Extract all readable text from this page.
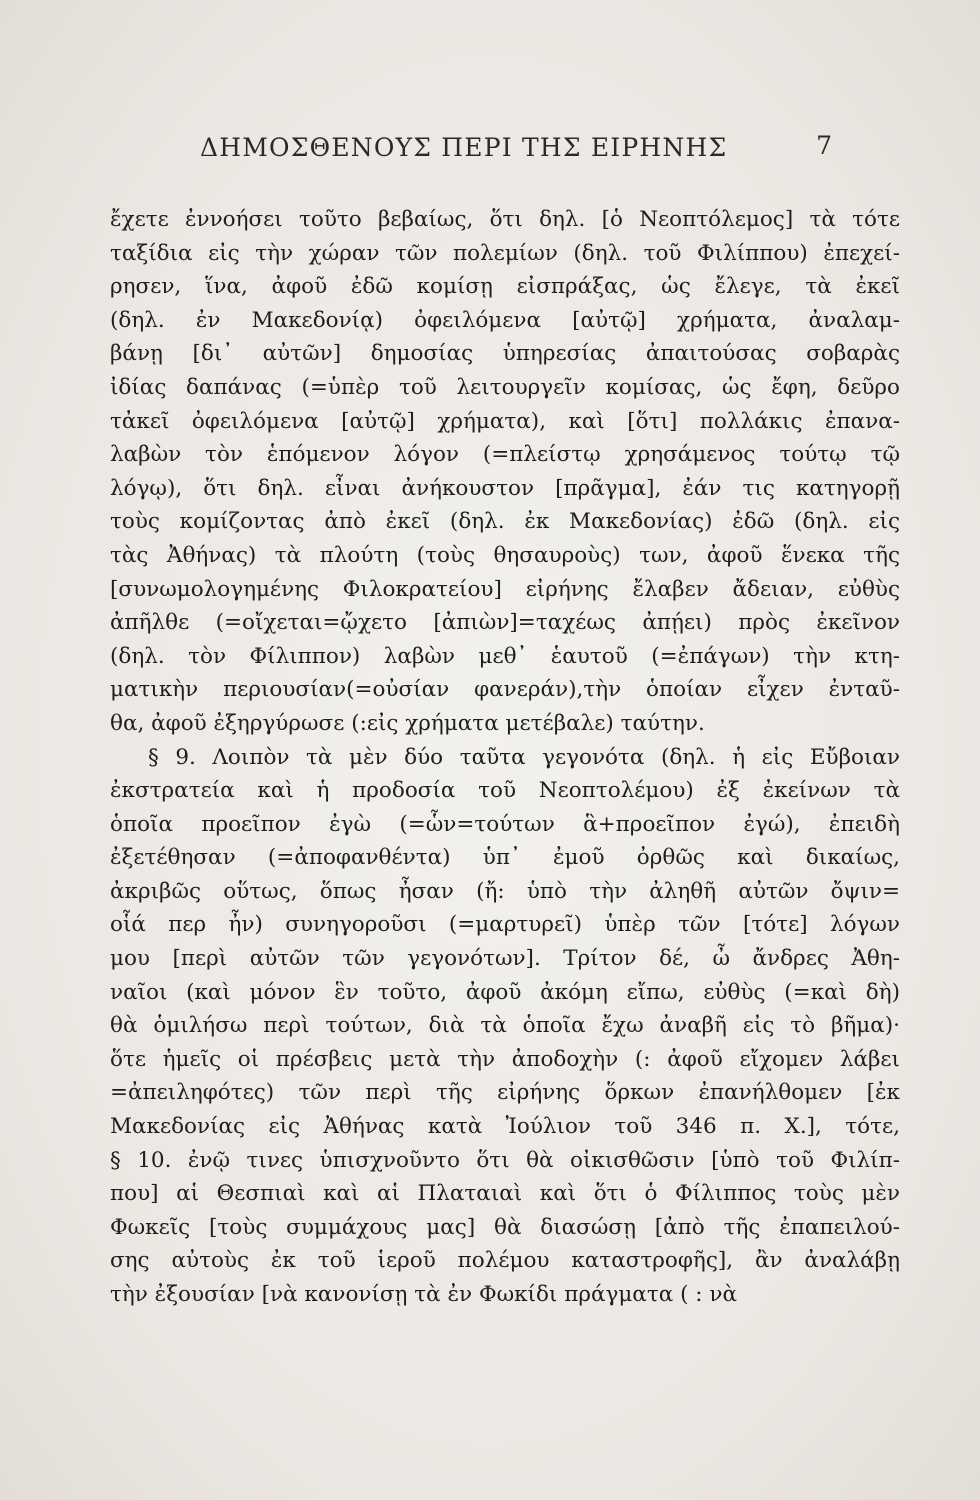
ΔΗΜΟΣΘΕΝΟΥΣ ΠΕΡΙ ΤΗΣ ΕΙΡΗΝΗΣ	7
ἔχετε ἐννοήσει τοῦτο βεβαίως, ὅτι δηλ. [ὁ Νεοπτόλεμος] τὰ τότε
ταξίδια εἰς τὴν χώραν τῶν πολεμίων (δηλ. τοῦ Φιλίππου) ἐπεχεί-
ρησεν, ἵνα, ἀφοῦ ἐδῶ κομίσῃ εἰσπράξας, ὡς ἔλεγε, τὰ ἐκεῖ
(δηλ. ἐν Μακεδονίᾳ) ὀφειλόμενα [αὐτῷ] χρήματα, ἀναλαμ-
βάνῃ [δι᾽ αὐτῶν] δημοσίας ὑπηρεσίας ἀπαιτούσας σοβαρὰς
ἰδίας δαπάνας (=ὑπὲρ τοῦ λειτουργεῖν κομίσας, ὡς ἔφη, δεῦρο
τἀκεῖ ὀφειλόμενα [αὐτῷ] χρήματα), καὶ [ὅτι] πολλάκις ἐπανα-
λαβὼν τὸν ἑπόμενον λόγον (=πλείστῳ χρησάμενος τούτῳ τῷ
λόγῳ), ὅτι δηλ. εἶναι ἀνήκουστον [πρᾶγμα], ἐάν τις κατηγορῇ
τοὺς κομίζοντας ἀπὸ ἐκεῖ (δηλ. ἐκ Μακεδονίας) ἐδῶ (δηλ. εἰς
τὰς Ἀθήνας) τὰ πλούτη (τοὺς θησαυροὺς) των, ἀφοῦ ἕνεκα τῆς
[συνωμολογημένης Φιλοκρατείου] εἰρήνης ἔλαβεν ἄδειαν, εὐθὺς
ἀπῆλθε (=οἴχεται=ᾤχετο [ἀπιὼν]=ταχέως ἀπῄει) πρὸς ἐκεῖνον
(δηλ. τὸν Φίλιππον) λαβὼν μεθ᾽ ἑαυτοῦ (=ἐπάγων) τὴν κτη-
ματικὴν περιουσίαν(=οὐσίαν φανεράν),τὴν ὁποίαν εἶχεν ἐνταῦ-
θα, ἀφοῦ ἐξηργύρωσε (:εἰς χρήματα μετέβαλε) ταύτην.
§ 9. Λοιπὸν τὰ μὲν δύο ταῦτα γεγονότα (δηλ. ἡ εἰς Εὔβοιαν
ἐκστρατεία καὶ ἡ προδοσία τοῦ Νεοπτολέμου) ἐξ ἐκείνων τὰ
ὁποῖα προεῖπον ἐγὼ (=ὧν=τούτων ἃ+προεῖπον ἐγώ), ἐπειδὴ
ἐξετέθησαν (=ἀποφανθέντα) ὑπ᾽ ἐμοῦ ὀρθῶς καὶ δικαίως,
ἀκριβῶς οὕτως, ὅπως ἦσαν (ἤ: ὑπὸ τὴν ἀληθῆ αὐτῶν ὄψιν=
οἷά περ ἦν) συνηγοροῦσι (=μαρτυρεῖ) ὑπὲρ τῶν [τότε] λόγων
μου [περὶ αὐτῶν τῶν γεγονότων]. Τρίτον δέ, ὦ ἄνδρες Ἀθη-
ναῖοι (καὶ μόνον ἓν τοῦτο, ἀφοῦ ἀκόμη εἴπω, εὐθὺς (=καὶ δὴ)
θὰ ὁμιλήσω περὶ τούτων, διὰ τὰ ὁποῖα ἔχω ἀναβῆ εἰς τὸ βῆμα)·
ὅτε ἡμεῖς οἱ πρέσβεις μετὰ τὴν ἀποδοχὴν (: ἀφοῦ εἴχομεν λάβει
=ἀπειληφότες) τῶν περὶ τῆς εἰρήνης ὅρκων ἐπανήλθομεν [ἐκ
Μακεδονίας εἰς Ἀθήνας κατὰ Ἰούλιον τοῦ 346 π. Χ.], τότε,
§ 10. ἐνῷ τινες ὑπισχνοῦντο ὅτι θὰ οἰκισθῶσιν [ὑπὸ τοῦ Φιλίπ-
που] αἱ Θεσπιαὶ καὶ αἱ Πλαταιαὶ καὶ ὅτι ὁ Φίλιππος τοὺς μὲν
Φωκεῖς [τοὺς συμμάχους μας] θὰ διασώσῃ [ἀπὸ τῆς ἐπαπειλού-
σης αὐτοὺς ἐκ τοῦ ἱεροῦ πολέμου καταστροφῆς], ἂν ἀναλάβῃ
τὴν ἐξουσίαν [νὰ κανονίσῃ τὰ ἐν Φωκίδι πράγματα ( : νὰ
